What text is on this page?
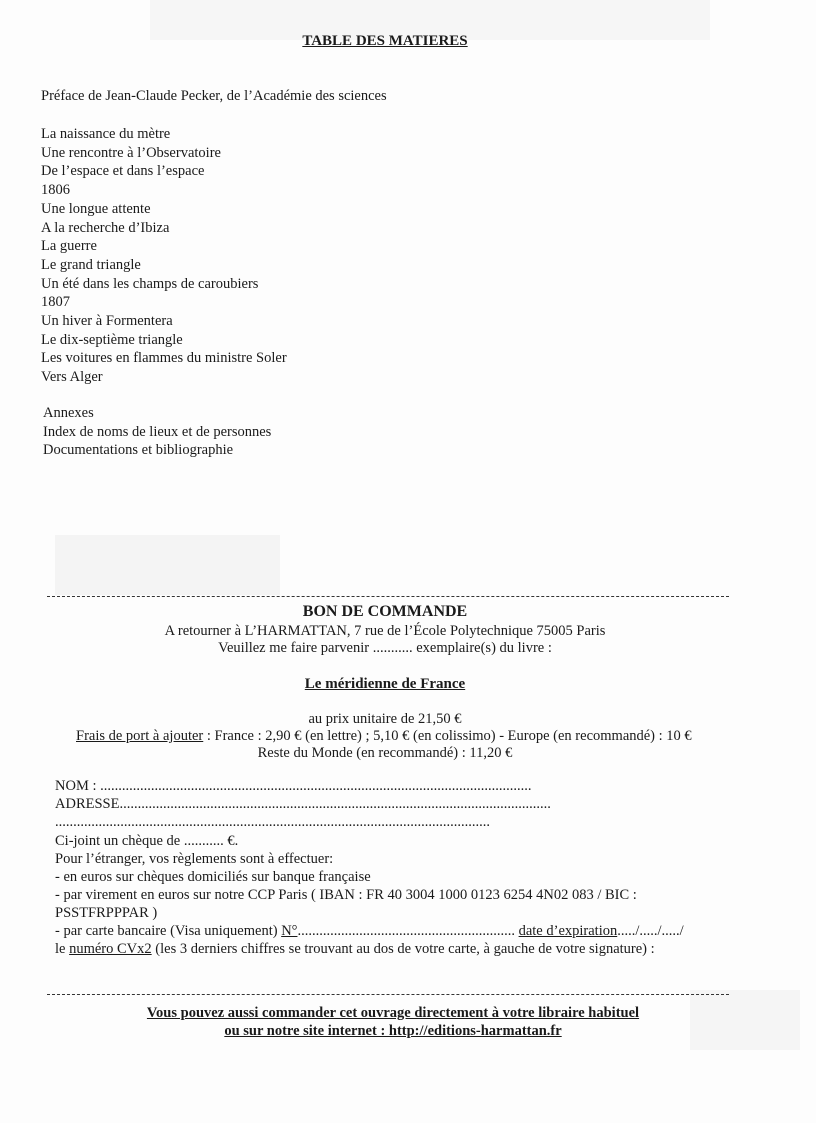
TABLE DES MATIERES
Préface de Jean-Claude Pecker, de l’Académie des sciences
La naissance du mètre
Une rencontre à l’Observatoire
De l’espace et dans l’espace
1806
Une longue attente
A la recherche d’Ibiza
La guerre
Le grand triangle
Un été dans les champs de caroubiers
1807
Un hiver à Formentera
Le dix-septième triangle
Les voitures en flammes du ministre Soler
Vers Alger
Annexes
Index de noms de lieux et de personnes
Documentations et bibliographie
BON DE COMMANDE
A retourner à L’HARMATTAN, 7 rue de l’École Polytechnique 75005 Paris
Veuillez me faire parvenir ........... exemplaire(s) du livre :
Le méridienne de France
au prix unitaire de 21,50 €
Frais de port à ajouter : France : 2,90 € (en lettre) ; 5,10 € (en colissimo) - Europe (en recommandé) : 10 €
Reste du Monde (en recommandé) : 11,20 €
NOM : .......................................................................................................................
ADRESSE.......................................................................................................................
........................................................................................................................
Ci-joint un chèque de ........... €.
Pour l’étranger, vos règlements sont à effectuer:
- en euros sur chèques domiciliés sur banque française
- par virement en euros sur notre CCP Paris ( IBAN : FR 40 3004 1000 0123 6254 4N02 083 / BIC :
PSSTFRPPPAR )
- par carte bancaire (Visa uniquement) N°............................................................ date d’expiration...../...../...../
le numéro CVx2 (les 3 derniers chiffres se trouvant au dos de votre carte, à gauche de votre signature) :
Vous pouvez aussi commander cet ouvrage directement à votre libraire habituel
ou sur notre site internet : http://editions-harmattan.fr
